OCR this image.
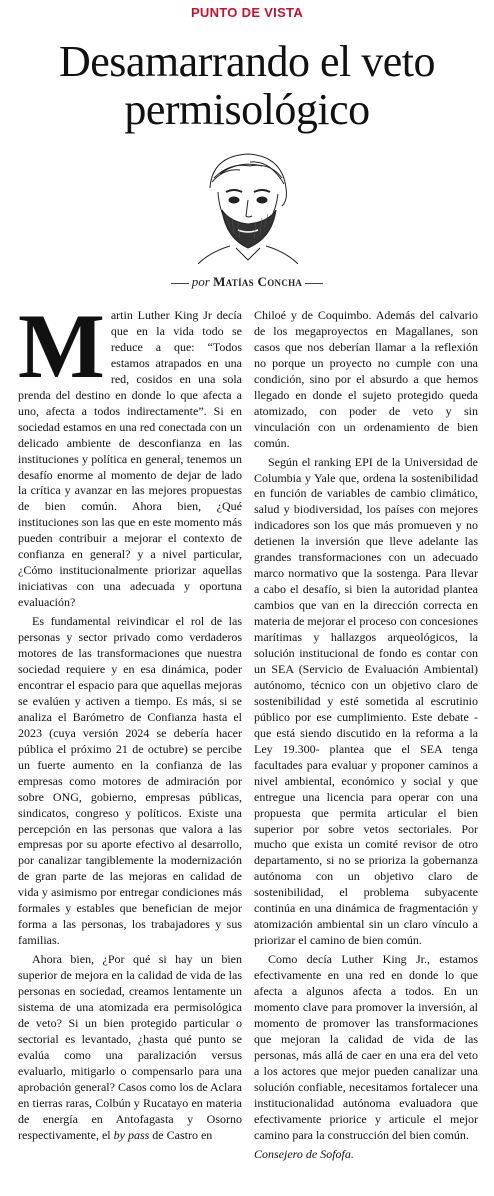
PUNTO DE VISTA
Desamarrando el veto permisológico
por Matías Concha

Martin Luther King Jr decía que en la vida todo se reduce a que: “Todos estamos atrapados en una red, cosidos en una sola prenda del destino en donde lo que afecta a uno, afecta a todos indirectamente”. Si en sociedad estamos en una red conectada con un delicado ambiente de desconfianza en las instituciones y política en general, tenemos un desafío enorme al momento de dejar de lado la crítica y avanzar en las mejores propuestas de bien común. Ahora bien, ¿Qué instituciones son las que en este momento más pueden contribuir a mejorar el contexto de confianza en general? y a nivel particular, ¿Cómo institucionalmente priorizar aquellas iniciativas con una adecuada y oportuna evaluación?

Es fundamental reivindicar el rol de las personas y sector privado como verdaderos motores de las transformaciones que nuestra sociedad requiere y en esa dinámica, poder encontrar el espacio para que aquellas mejoras se evalúen y activen a tiempo. Es más, si se analiza el Barómetro de Confianza hasta el 2023 (cuya versión 2024 se debería hacer pública el próximo 21 de octubre) se percibe un fuerte aumento en la confianza de las empresas como motores de admiración por sobre ONG, gobierno, empresas públicas, sindicatos, congreso y políticos. Existe una percepción en las personas que valora a las empresas por su aporte efectivo al desarrollo, por canalizar tangiblemente la modernización de gran parte de las mejoras en calidad de vida y asimismo por entregar condiciones más formales y estables que benefician de mejor forma a las personas, los trabajadores y sus familias.

Ahora bien, ¿Por qué si hay un bien superior de mejora en la calidad de vida de las personas en sociedad, creamos lentamente un sistema de una atomizada era permisológica de veto? Si un bien protegido particular o sectorial es levantado, ¿hasta qué punto se evalúa como una paralización versus evaluarlo, mitigarlo o compensarlo para una aprobación general? Casos como los de Aclara en tierras raras, Colbún y Rucatayo en materia de energía en Antofagasta y Osorno respectivamente, el by pass de Castro en

Chiloé y de Coquimbo. Además del calvario de los megaproyectos en Magallanes, son casos que nos deberían llamar a la reflexión no porque un proyecto no cumple con una condición, sino por el absurdo a que hemos llegado en donde el sujeto protegido queda atomizado, con poder de veto y sin vinculación con un ordenamiento de bien común.

Según el ranking EPI de la Universidad de Columbia y Yale que, ordena la sostenibilidad en función de variables de cambio climático, salud y biodiversidad, los países con mejores indicadores son los que más promueven y no detienen la inversión que lleve adelante las grandes transformaciones con un adecuado marco normativo que la sostenga. Para llevar a cabo el desafío, si bien la autoridad plantea cambios que van en la dirección correcta en materia de mejorar el proceso con concesiones marítimas y hallazgos arqueológicos, la solución institucional de fondo es contar con un SEA (Servicio de Evaluación Ambiental) autónomo, técnico con un objetivo claro de sostenibilidad y esté sometida al escrutinio público por ese cumplimiento. Este debate -que está siendo discutido en la reforma a la Ley 19.300- plantea que el SEA tenga facultades para evaluar y proponer caminos a nivel ambiental, económico y social y que entregue una licencia para operar con una propuesta que permita articular el bien superior por sobre vetos sectoriales. Por mucho que exista un comité revisor de otro departamento, si no se prioriza la gobernanza autónoma con un objetivo claro de sostenibilidad, el problema subyacente continúa en una dinámica de fragmentación y atomización ambiental sin un claro vínculo a priorizar el camino de bien común.

Como decía Luther King Jr., estamos efectivamente en una red en donde lo que afecta a algunos afecta a todos. En un momento clave para promover la inversión, al momento de promover las transformaciones que mejoran la calidad de vida de las personas, más allá de caer en una era del veto a los actores que mejor pueden canalizar una solución confiable, necesitamos fortalecer una institucionalidad autónoma evaluadora que efectivamente priorice y articule el mejor camino para la construcción del bien común.

Consejero de Sofofa.
